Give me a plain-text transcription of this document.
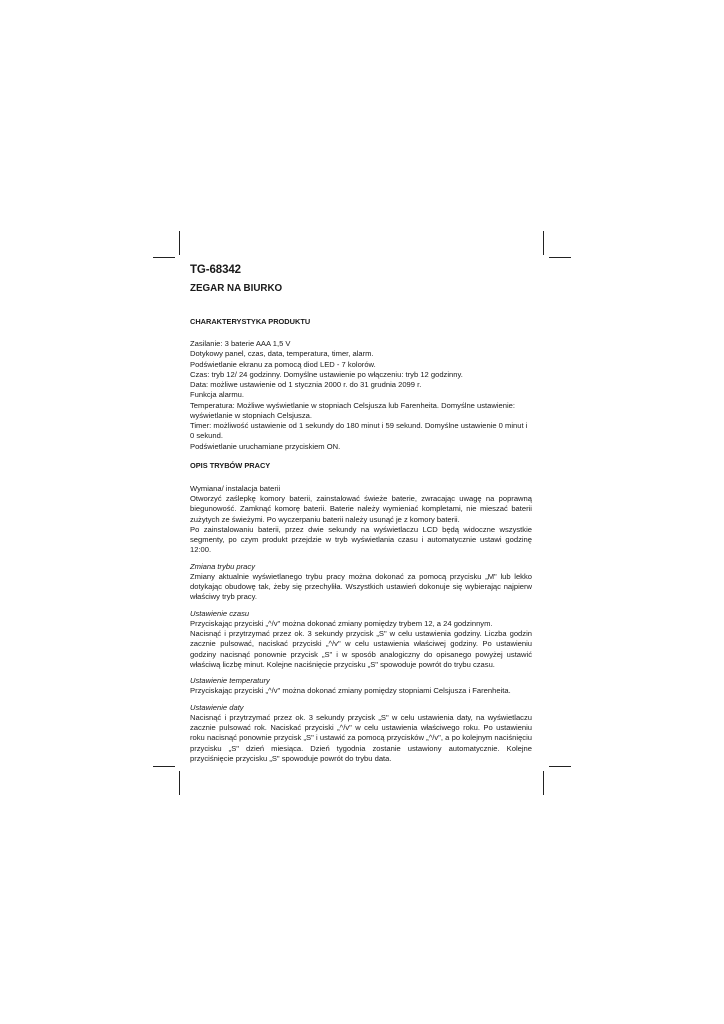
TG-68342
ZEGAR NA BIURKO
CHARAKTERYSTYKA PRODUKTU

Zasilanie: 3 baterie AAA 1,5 V

Dotykowy panel, czas, data, temperatura, timer, alarm.

Podświetlanie ekranu za pomocą diod LED - 7 kolorów.

Czas: tryb 12/ 24 godzinny. Domyślne ustawienie po włączeniu: tryb 12 godzinny.

Data: możliwe ustawienie od 1 stycznia 2000 r. do 31 grudnia 2099 r.

Funkcja alarmu.

Temperatura: Możliwe wyświetlanie w stopniach Celsjusza lub Farenheita. Domyślne ustawienie: wyświetlanie w stopniach Celsjusza.

Timer: możliwość ustawienie od 1 sekundy do 180 minut i 59 sekund. Domyślne ustawienie 0 minut i 0 sekund.

Podświetlanie uruchamiane przyciskiem ON.

OPIS TRYBÓW PRACY

Wymiana/ instalacja baterii

Otworzyć zaślepkę komory baterii, zainstalować świeże baterie, zwracając uwagę na poprawną biegunowość. Zamknąć komorę baterii. Baterie należy wymieniać kompletami, nie mieszać baterii zużytych ze świeżymi. Po wyczerpaniu baterii należy usunąć je z komory baterii.

Po zainstalowaniu baterii, przez dwie sekundy na wyświetlaczu LCD będą widoczne wszystkie segmenty, po czym produkt przejdzie w tryb wyświetlania czasu i automatycznie ustawi godzinę 12:00.

Zmiana trybu pracy

Zmiany aktualnie wyświetlanego trybu pracy można dokonać za pomocą przycisku „M" lub lekko dotykając obudowę tak, żeby się przechyliła. Wszystkich ustawień dokonuje się wybierając najpierw właściwy tryb pracy.

Ustawienie czasu

Przyciskając przyciski „^/v" można dokonać zmiany pomiędzy trybem 12, a 24 godzinnym.

Nacisnąć i przytrzymać przez ok. 3 sekundy przycisk „S" w celu ustawienia godziny. Liczba godzin zacznie pulsować, naciskać przyciski „^/v" w celu ustawienia właściwej godziny. Po ustawieniu godziny nacisnąć ponownie przycisk „S" i w sposób analogiczny do opisanego powyżej ustawić właściwą liczbę minut. Kolejne naciśnięcie przycisku „S" spowoduje powrót do trybu czasu.

Ustawienie temperatury

Przyciskając przyciski „^/v" można dokonać zmiany pomiędzy stopniami Celsjusza i Farenheita.

Ustawienie daty

Nacisnąć i przytrzymać przez ok. 3 sekundy przycisk „S" w celu ustawienia daty, na wyświetlaczu zacznie pulsować rok. Naciskać przyciski „^/v" w celu ustawienia właściwego roku. Po ustawieniu roku nacisnąć ponownie przycisk „S" i ustawić za pomocą przycisków „^/v", a po kolejnym naciśnięciu przycisku „S" dzień miesiąca. Dzień tygodnia zostanie ustawiony automatycznie. Kolejne przyciśnięcie przycisku „S" spowoduje powrót do trybu data.
